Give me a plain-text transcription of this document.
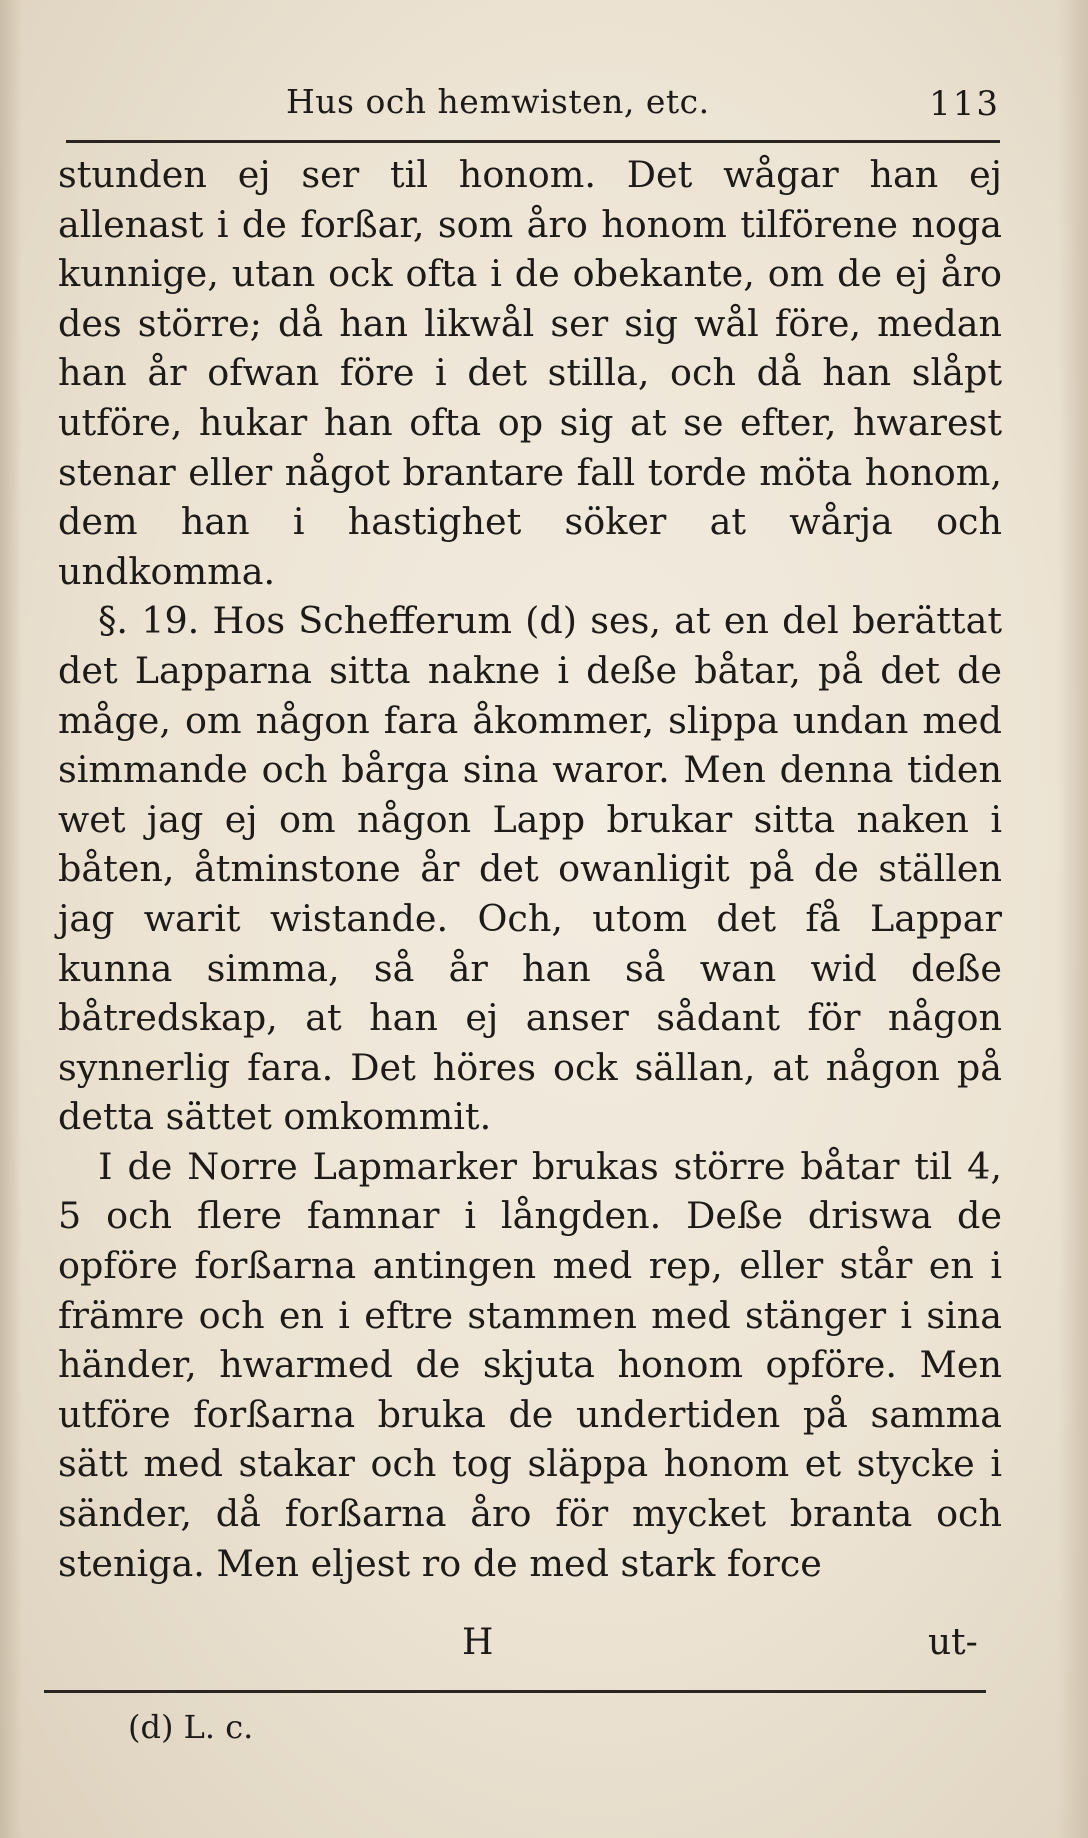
Hus och hemwisten, etc.	113

stunden ej ser til honom. Det wågar han ej allenast i de forßar, som åro honom tilförene noga kunnige, utan ock ofta i de obekante, om de ej åro des större; då han likwål ser sig wål före, medan han år ofwan före i det stilla, och då han slåpt utföre, hukar han ofta op sig at se efter, hwarest stenar eller något brantare fall torde möta honom, dem han i hastighet söker at wårja och undkomma.

§. 19. Hos Schefferum (d) ses, at en del berättat det Lapparna sitta nakne i deße båtar, på det de måge, om någon fara åkommer, slippa undan med simmande och bårga sina waror. Men denna tiden wet jag ej om någon Lapp brukar sitta naken i båten, åtminstone år det owanligit på de ställen jag warit wistande. Och, utom det få Lappar kunna simma, så år han så wan wid deße båtredskap, at han ej anser sådant för någon synnerlig fara. Det höres ock sällan, at någon på detta sättet omkommit.

I de Norre Lapmarker brukas större båtar til 4, 5 och flere famnar i långden. Deße driswa de opföre forßarna antingen med rep, eller står en i främre och en i eftre stammen med stänger i sina händer, hwarmed de skjuta honom opföre. Men utföre forßarna bruka de undertiden på samma sätt med stakar och tog släppa honom et stycke i sänder, då forßarna åro för mycket branta och steniga. Men eljest ro de med stark force

H	ut-
(d) L. c.
